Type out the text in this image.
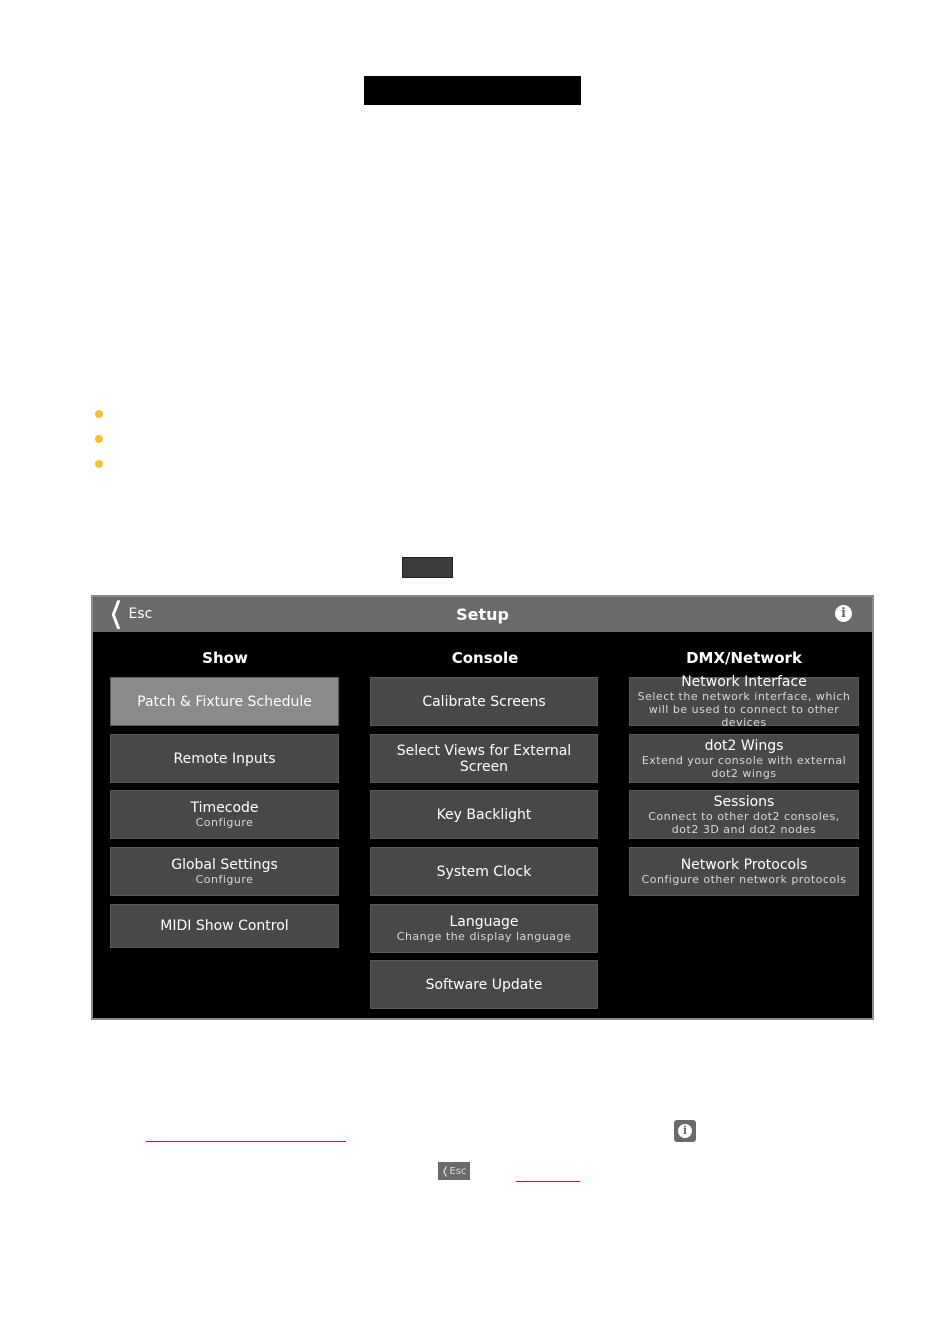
❬ Esc	Setup	i
Show	Console	DMX/Network
Patch & Fixture Schedule
Remote Inputs
Timecode
Configure
Global Settings
Configure
MIDI Show Control
Calibrate Screens
Select Views for External Screen
Key Backlight
System Clock
Language
Change the display language
Software Update
Network Interface
Select the network interface, which will be used to connect to other devices
dot2 Wings
Extend your console with external dot2 wings
Sessions
Connect to other dot2 consoles, dot2 3D and dot2 nodes
Network Protocols
Configure other network protocols
i
❬ Esc
